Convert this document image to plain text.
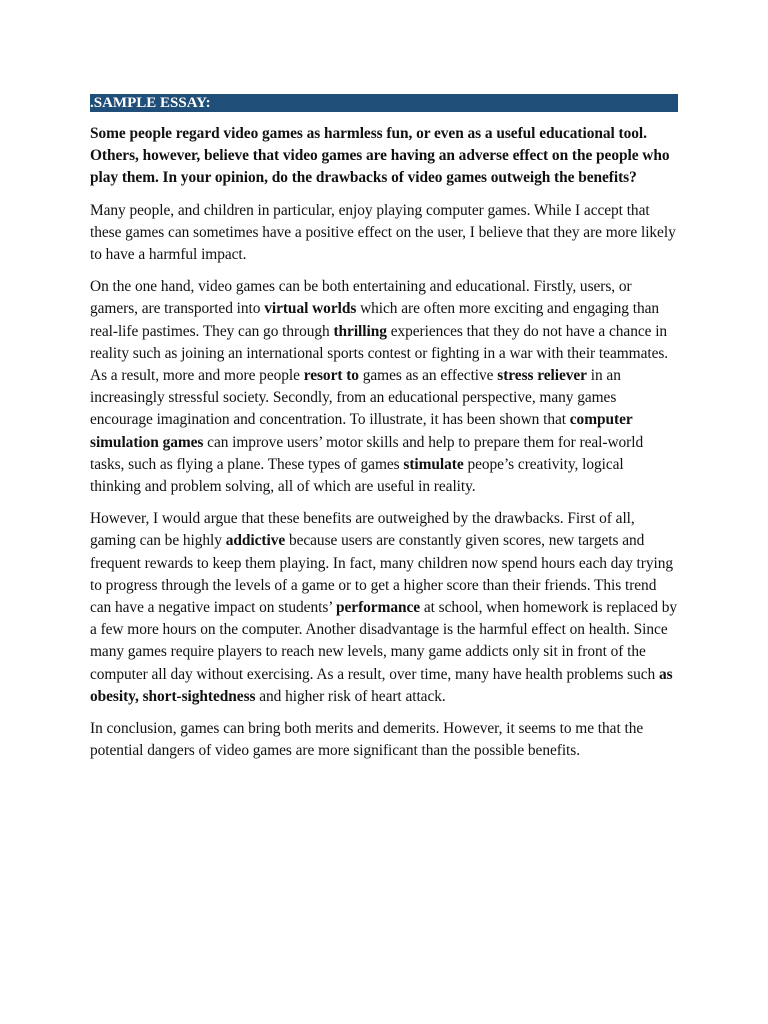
.SAMPLE ESSAY:

Some people regard video games as harmless fun, or even as a useful educational tool. Others, however, believe that video games are having an adverse effect on the people who play them. In your opinion, do the drawbacks of video games outweigh the benefits?

Many people, and children in particular, enjoy playing computer games. While I accept that these games can sometimes have a positive effect on the user, I believe that they are more likely to have a harmful impact.

On the one hand, video games can be both entertaining and educational. Firstly, users, or gamers, are transported into virtual worlds which are often more exciting and engaging than real-life pastimes. They can go through thrilling experiences that they do not have a chance in reality such as joining an international sports contest or fighting in a war with their teammates. As a result, more and more people resort to games as an effective stress reliever in an increasingly stressful society. Secondly, from an educational perspective, many games encourage imagination and concentration. To illustrate, it has been shown that computer simulation games can improve users’ motor skills and help to prepare them for real-world tasks, such as flying a plane. These types of games stimulate peope’s creativity, logical thinking and problem solving, all of which are useful in reality.

However, I would argue that these benefits are outweighed by the drawbacks. First of all, gaming can be highly addictive because users are constantly given scores, new targets and frequent rewards to keep them playing. In fact, many children now spend hours each day trying to progress through the levels of a game or to get a higher score than their friends. This trend can have a negative impact on students’ performance at school, when homework is replaced by a few more hours on the computer. Another disadvantage is the harmful effect on health. Since many games require players to reach new levels, many game addicts only sit in front of the computer all day without exercising. As a result, over time, many have health problems such as obesity, short-sightedness and higher risk of heart attack.

In conclusion, games can bring both merits and demerits. However, it seems to me that the potential dangers of video games are more significant than the possible benefits.
